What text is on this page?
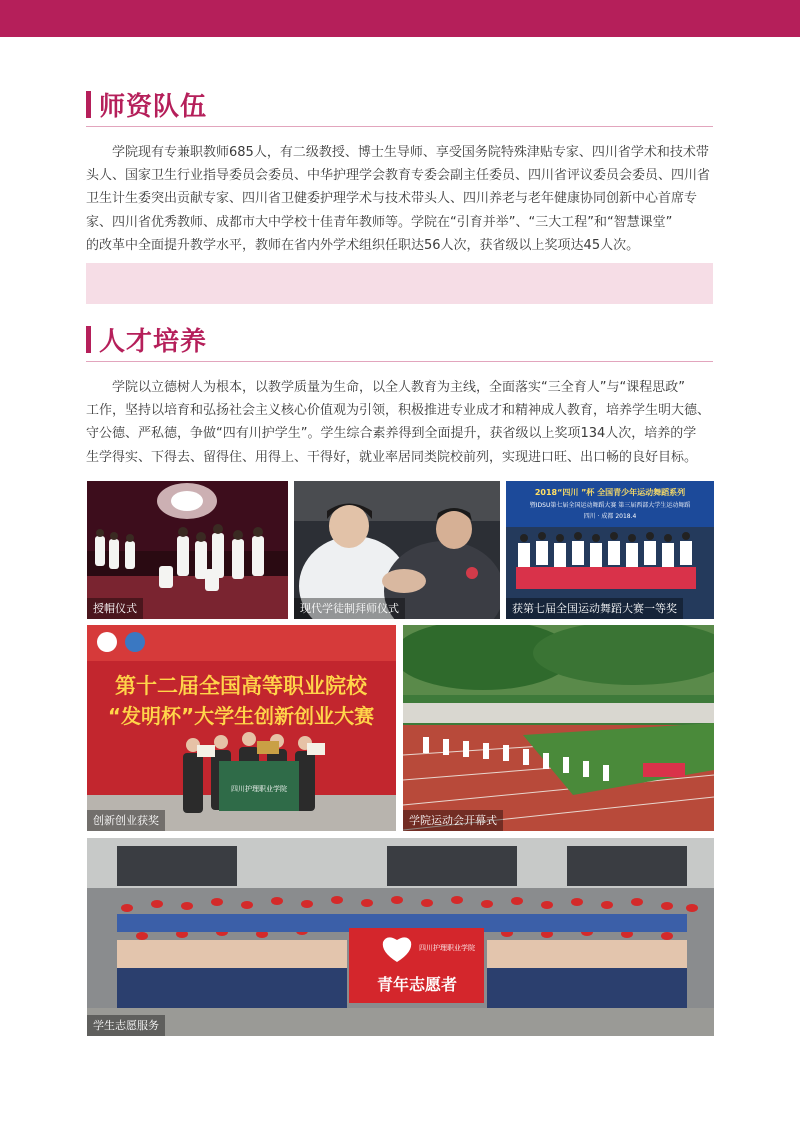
师资队伍

学院现有专兼职教师685人，有二级教授、博士生导师、享受国务院特殊津贴专家、四川省学术和技术带
头人、国家卫生行业指导委员会委员、中华护理学会教育专委会副主任委员、四川省评议委员会委员、四川省
卫生计生委突出贡献专家、四川省卫健委护理学术与技术带头人、四川养老与老年健康协同创新中心首席专
家、四川省优秀教师、成都市大中学校十佳青年教师等。学院在“引育并举”、“三大工程”和“智慧课堂”
的改革中全面提升教学水平，教师在省内外学术组织任职达56人次，获省级以上奖项达45人次。

人才培养

学院以立德树人为根本，以教学质量为生命，以全人教育为主线，全面落实“三全育人”与“课程思政”
工作，坚持以培育和弘扬社会主义核心价值观为引领，积极推进专业成才和精神成人教育，培养学生明大德、
守公德、严私德，争做“四有川护学生”。学生综合素养得到全面提升，获省级以上奖项134人次，培养的学
生学得实、下得去、留得住、用得上、干得好，就业率居同类院校前列，实现进口旺、出口畅的良好目标。

授帽仪式	现代学徒制拜师仪式
2018“四川 ”杯 全国青少年运动舞蹈系列
暨IDSU第七届全国运动舞蹈大赛 第三届西部大学生运动舞蹈
四川 · 成都 2018.4
获第七届全国运动舞蹈大赛一等奖
第十二届全国高等职业院校
“发明杯”大学生创新创业大赛
四川护理职业学院
创新创业获奖	学院运动会开幕式
四川护理职业学院
青年志愿者
学生志愿服务
